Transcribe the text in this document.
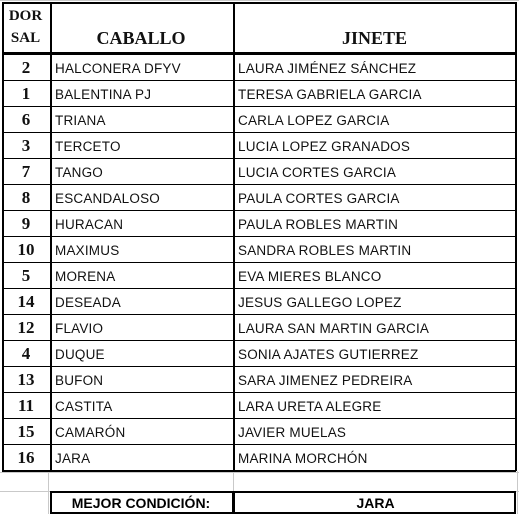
DOR
SAL	CABALLO	JINETE
2 HALCONERA DFYV	LAURA JIMÉNEZ SÁNCHEZ
1 BALENTINA PJ	TERESA GABRIELA GARCIA
6 TRIANA	CARLA LOPEZ GARCIA
3 TERCETO	LUCIA LOPEZ GRANADOS
7 TANGO	LUCIA CORTES GARCIA
8 ESCANDALOSO	PAULA CORTES GARCIA
9 HURACAN	PAULA ROBLES MARTIN
10 MAXIMUS	SANDRA ROBLES MARTIN
5 MORENA	EVA MIERES BLANCO
14 DESEADA	JESUS GALLEGO LOPEZ
12 FLAVIO	LAURA SAN MARTIN GARCIA
4 DUQUE	SONIA AJATES GUTIERREZ
13 BUFON	SARA JIMENEZ PEDREIRA
11 CASTITA	LARA URETA ALEGRE
15 CAMARÓN	JAVIER MUELAS
16 JARA	MARINA MORCHÓN
MEJOR CONDICIÓN:	JARA
